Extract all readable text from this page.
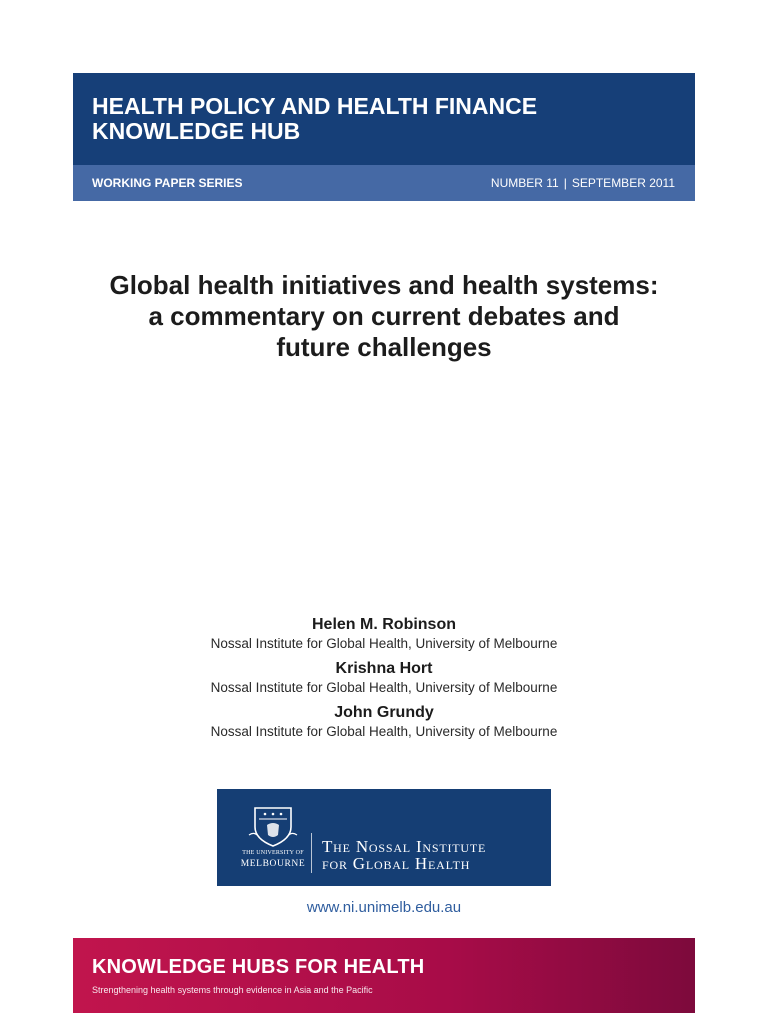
HEALTH POLICY AND HEALTH FINANCE
KNOWLEDGE HUB
WORKING PAPER SERIES	NUMBER 11 | SEPTEMBER 2011
Global health initiatives and health systems:
a commentary on current debates and
future challenges
Helen M. Robinson
Nossal Institute for Global Health, University of Melbourne
Krishna Hort
Nossal Institute for Global Health, University of Melbourne
John Grundy
Nossal Institute for Global Health, University of Melbourne
THE UNIVERSITY OF
MELBOURNE
The Nossal Institute
for Global Health
www.ni.unimelb.edu.au
KNOWLEDGE HUBS FOR HEALTH
Strengthening health systems through evidence in Asia and the Pacific
